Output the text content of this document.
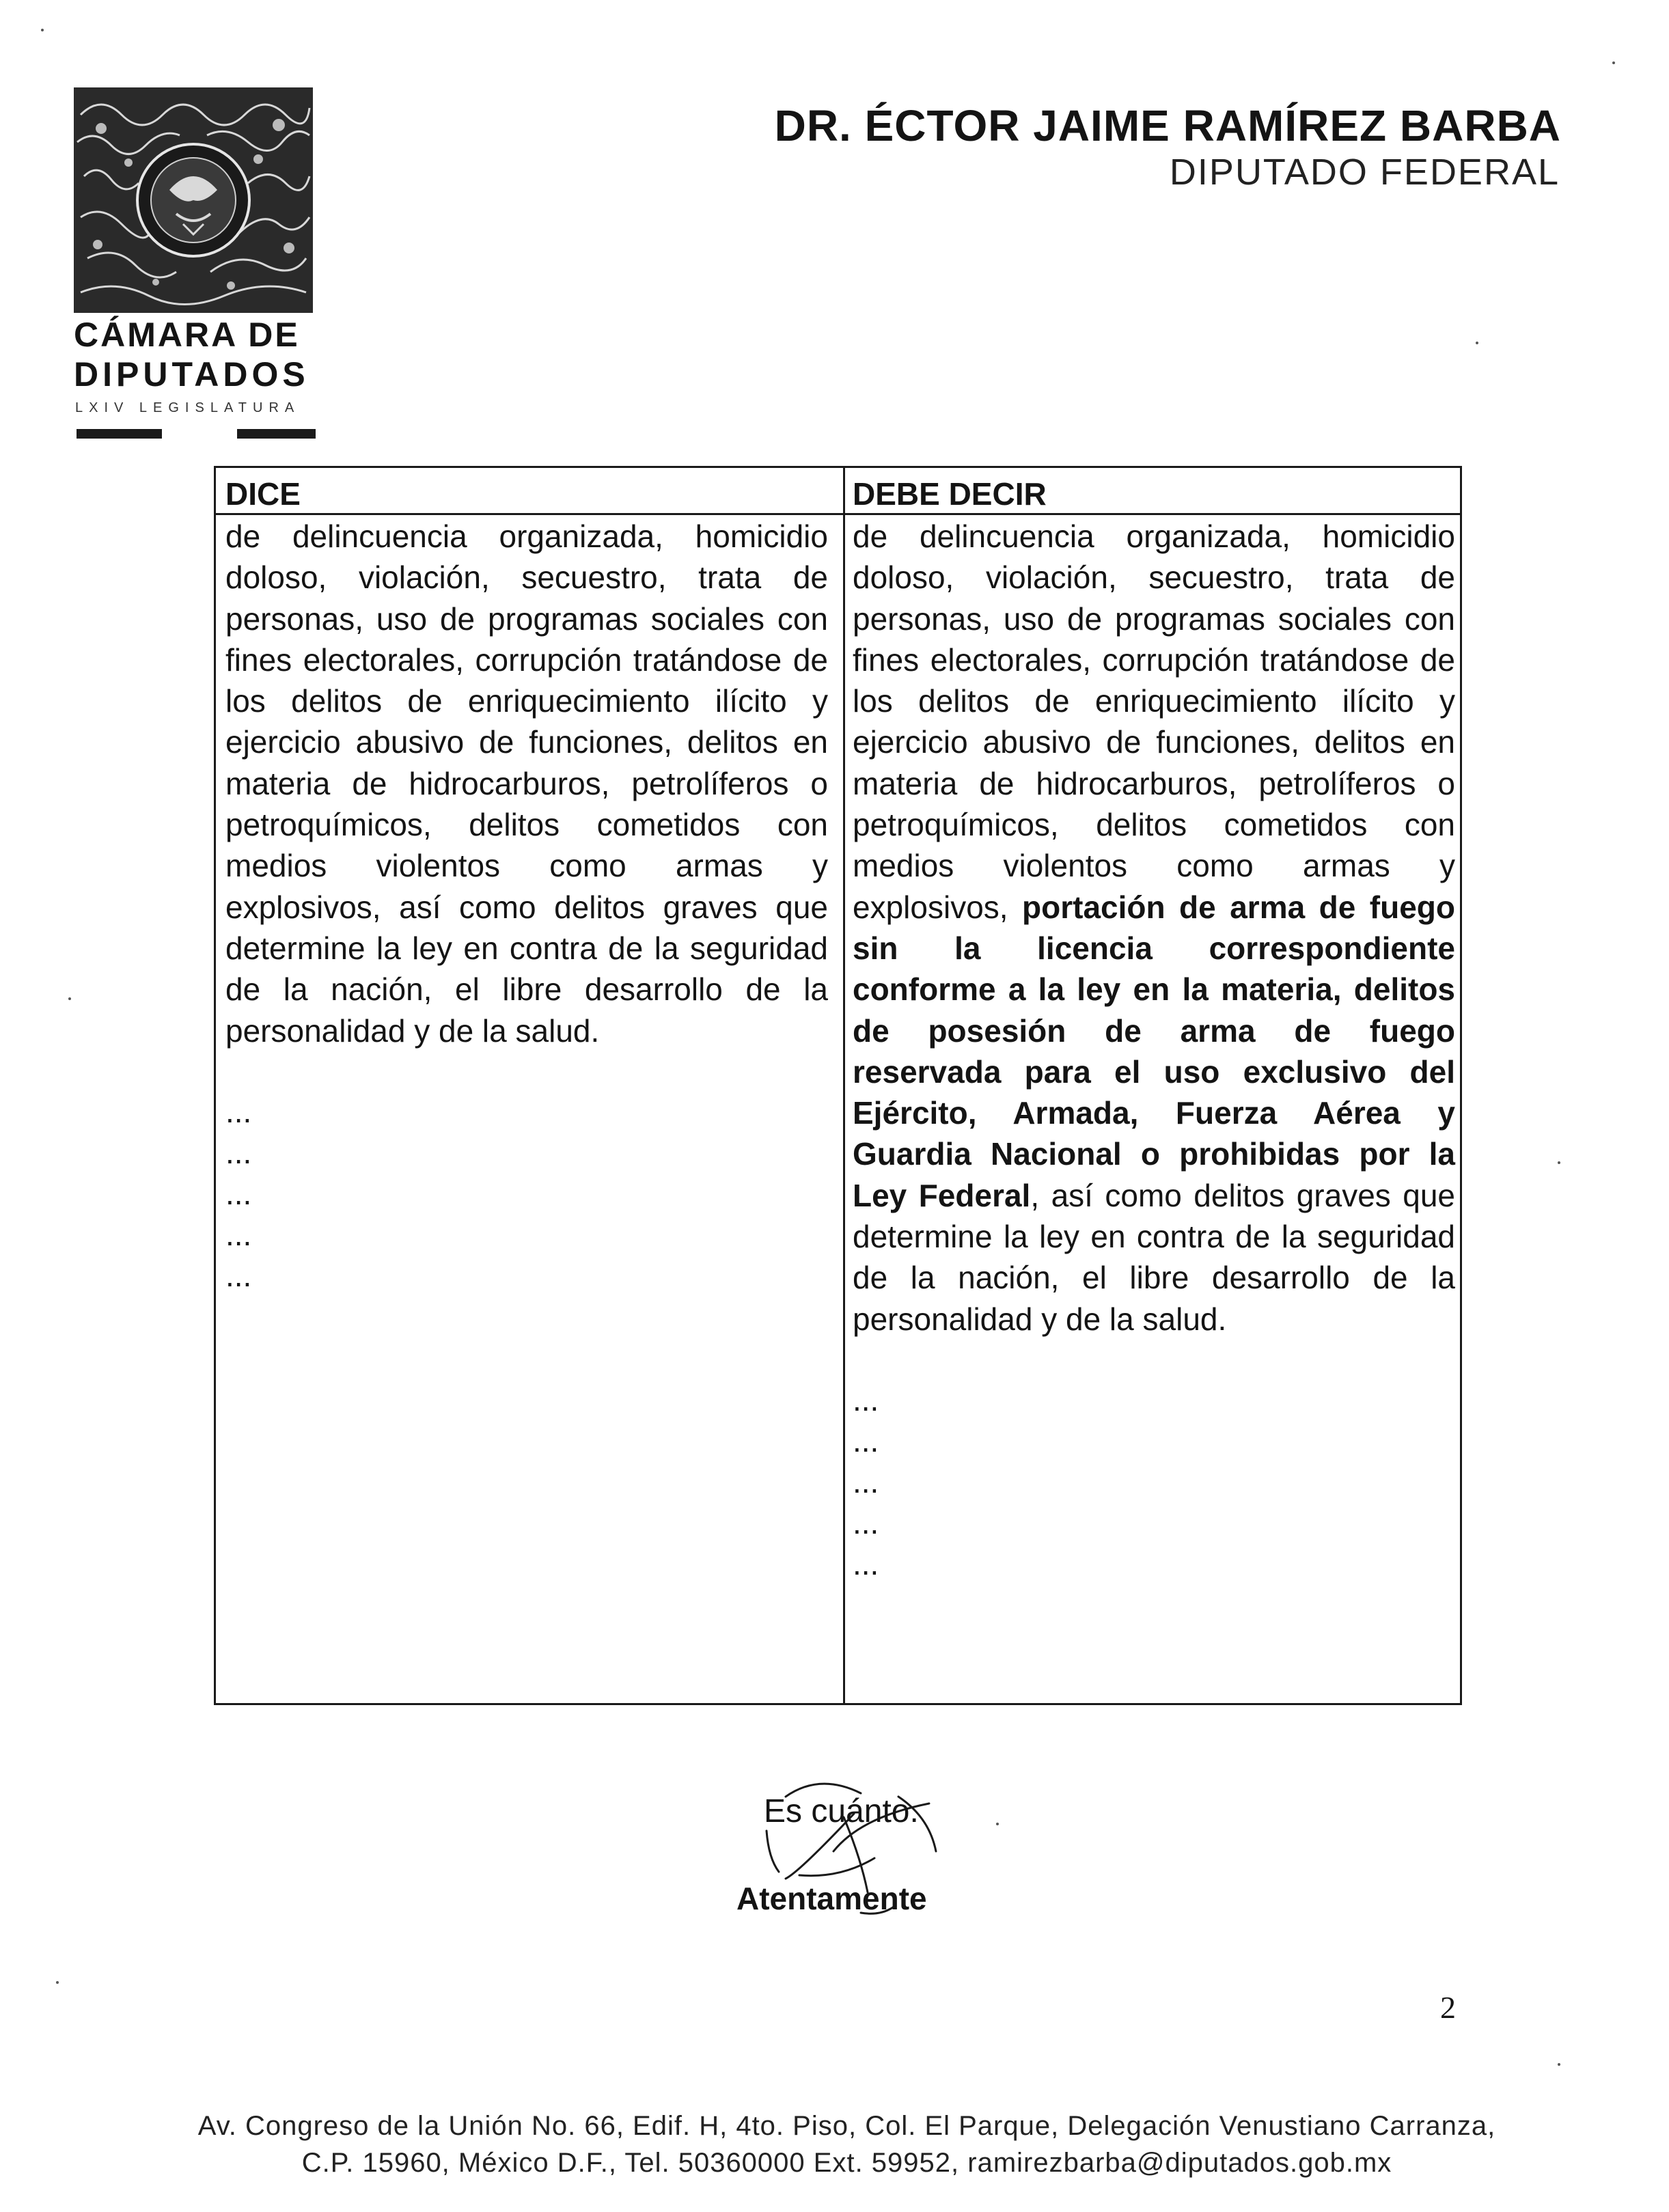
CÁMARA DE
DIPUTADOS
LXIV LEGISLATURA
DR. ÉCTOR JAIME RAMÍREZ BARBA
DIPUTADO FEDERAL
DICE	DEBE DECIR

de delincuencia organizada, homicidio doloso, violación, secuestro, trata de personas, uso de programas sociales con fines electorales, corrupción tratándose de los delitos de enriquecimiento ilícito y ejercicio abusivo de funciones, delitos en materia de hidrocarburos, petrolíferos o petroquímicos, delitos cometidos con medios violentos como armas y explosivos, así como delitos graves que determine la ley en contra de la seguridad de la nación, el libre desarrollo de la personalidad y de la salud.

...
...
...
...
...

de delincuencia organizada, homicidio doloso, violación, secuestro, trata de personas, uso de programas sociales con fines electorales, corrupción tratándose de los delitos de enriquecimiento ilícito y ejercicio abusivo de funciones, delitos en materia de hidrocarburos, petrolíferos o petroquímicos, delitos cometidos con medios violentos como armas y explosivos, portación de arma de fuego sin la licencia correspondiente conforme a la ley en la materia, delitos de posesión de arma de fuego reservada para el uso exclusivo del Ejército, Armada, Fuerza Aérea y Guardia Nacional o prohibidas por la Ley Federal, así como delitos graves que determine la ley en contra de la seguridad de la nación, el libre desarrollo de la personalidad y de la salud.

...
...
...
...
...
Es cuánto.
Atentamente
2
Av. Congreso de la Unión No. 66, Edif. H, 4to. Piso, Col. El Parque, Delegación Venustiano Carranza,
C.P. 15960, México D.F., Tel. 50360000 Ext. 59952, ramirezbarba@diputados.gob.mx
